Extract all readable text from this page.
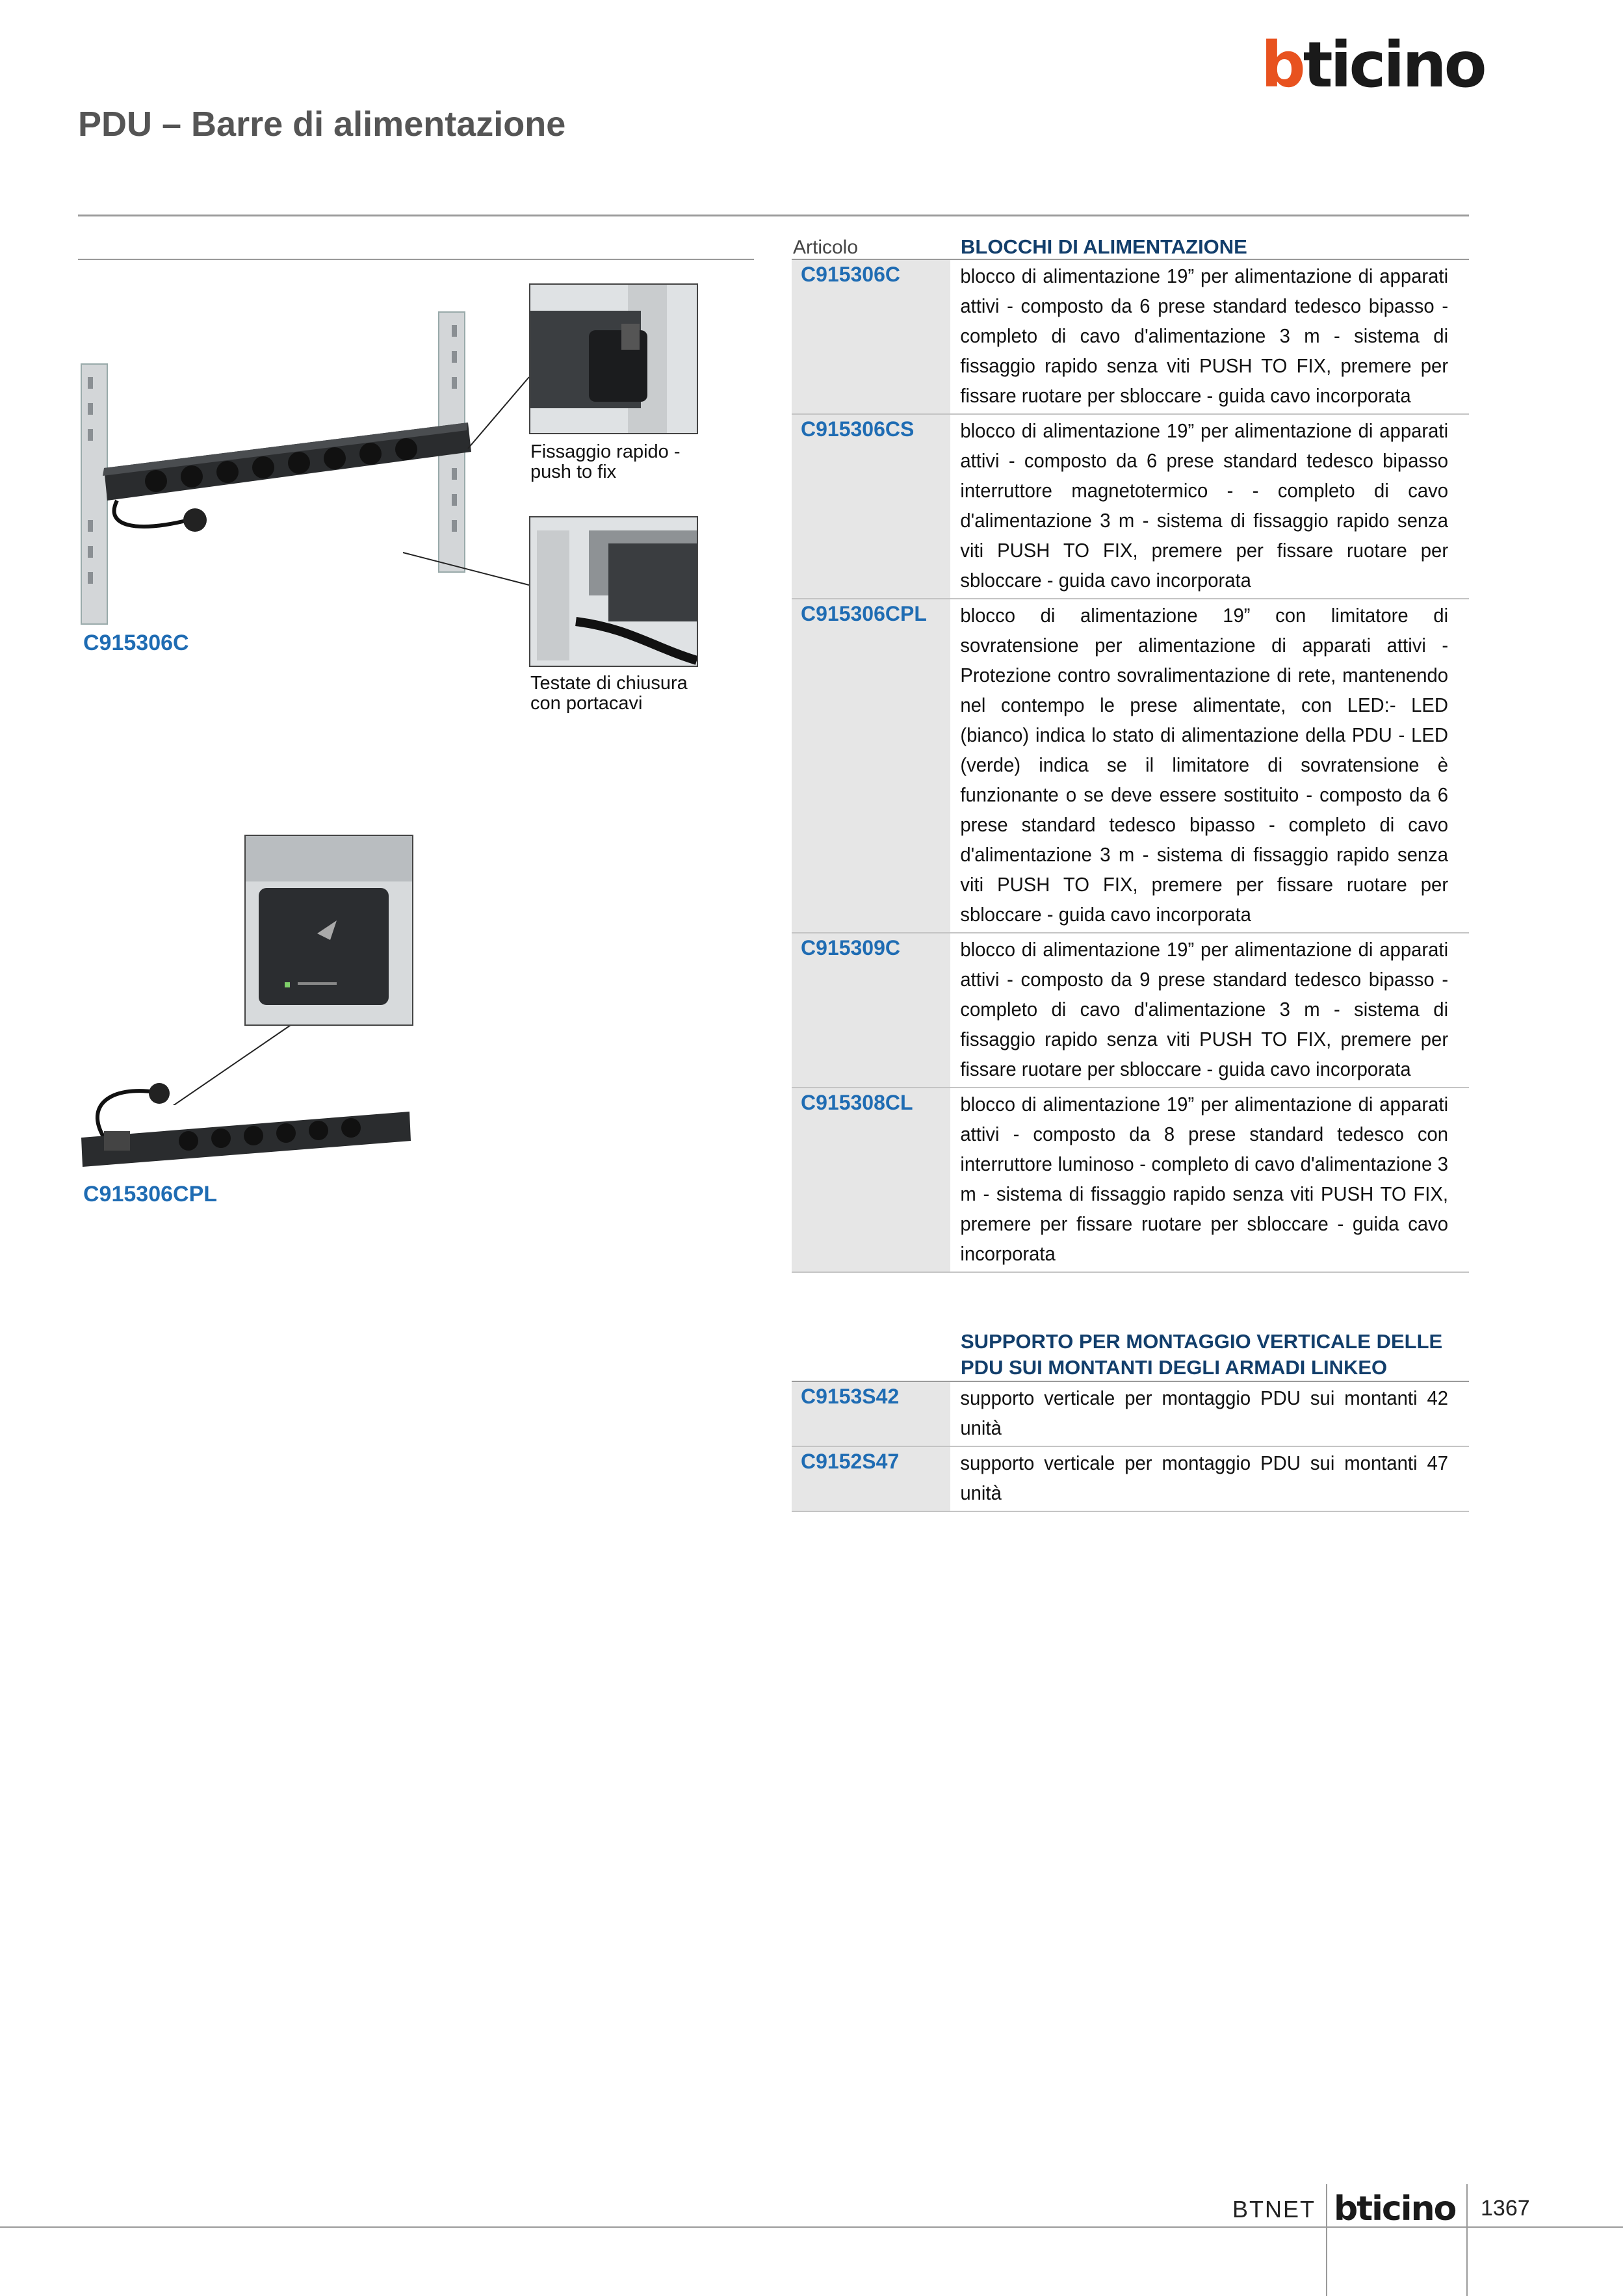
bticino
PDU – Barre di alimentazione
Fissaggio rapido - push to fix
Testate di chiusura con portacavi
C915306C
C915306CPL
Articolo	BLOCCHI DI ALIMENTAZIONE
C915306C	blocco di alimentazione 19” per alimentazione di apparati attivi - composto da 6 prese standard tedesco bipasso - completo di cavo d'alimentazione 3 m - sistema di fissaggio rapido senza viti PUSH TO FIX, premere per fissare ruotare per sbloccare - guida cavo incorporata
C915306CS	blocco di alimentazione 19” per alimentazione di apparati attivi - composto da 6 prese standard tedesco bipasso interruttore magnetotermico - - completo di cavo d'alimentazione 3 m - sistema di fissaggio rapido senza viti PUSH TO FIX, premere per fissare ruotare per sbloccare - guida cavo incorporata
C915306CPL	blocco di alimentazione 19” con limitatore di sovratensione per alimentazione di apparati attivi - Protezione contro sovralimentazione di rete, mantenendo nel contempo le prese alimentate, con LED:- LED (bianco) indica lo stato di alimentazione della PDU - LED (verde) indica se il limitatore di sovratensione è funzionante o se deve essere sostituito - composto da 6 prese standard tedesco bipasso - completo di cavo d'alimentazione 3 m - sistema di fissaggio rapido senza viti PUSH TO FIX, premere per fissare ruotare per sbloccare - guida cavo incorporata
C915309C	blocco di alimentazione 19” per alimentazione di apparati attivi - composto da 9 prese standard tedesco bipasso - completo di cavo d'alimentazione 3 m - sistema di fissaggio rapido senza viti PUSH TO FIX, premere per fissare ruotare per sbloccare - guida cavo incorporata
C915308CL	blocco di alimentazione 19” per alimentazione di apparati attivi - composto da 8 prese standard tedesco con interruttore luminoso - completo di cavo d'alimentazione 3 m - sistema di fissaggio rapido senza viti PUSH TO FIX, premere per fissare ruotare per sbloccare - guida cavo incorporata
SUPPORTO PER MONTAGGIO VERTICALE DELLE PDU SUI MONTANTI DEGLI ARMADI LINKEO
C9153S42	supporto verticale per montaggio PDU sui montanti 42 unità
C9152S47	supporto verticale per montaggio PDU sui montanti 47 unità
BTNET bticino 1367
